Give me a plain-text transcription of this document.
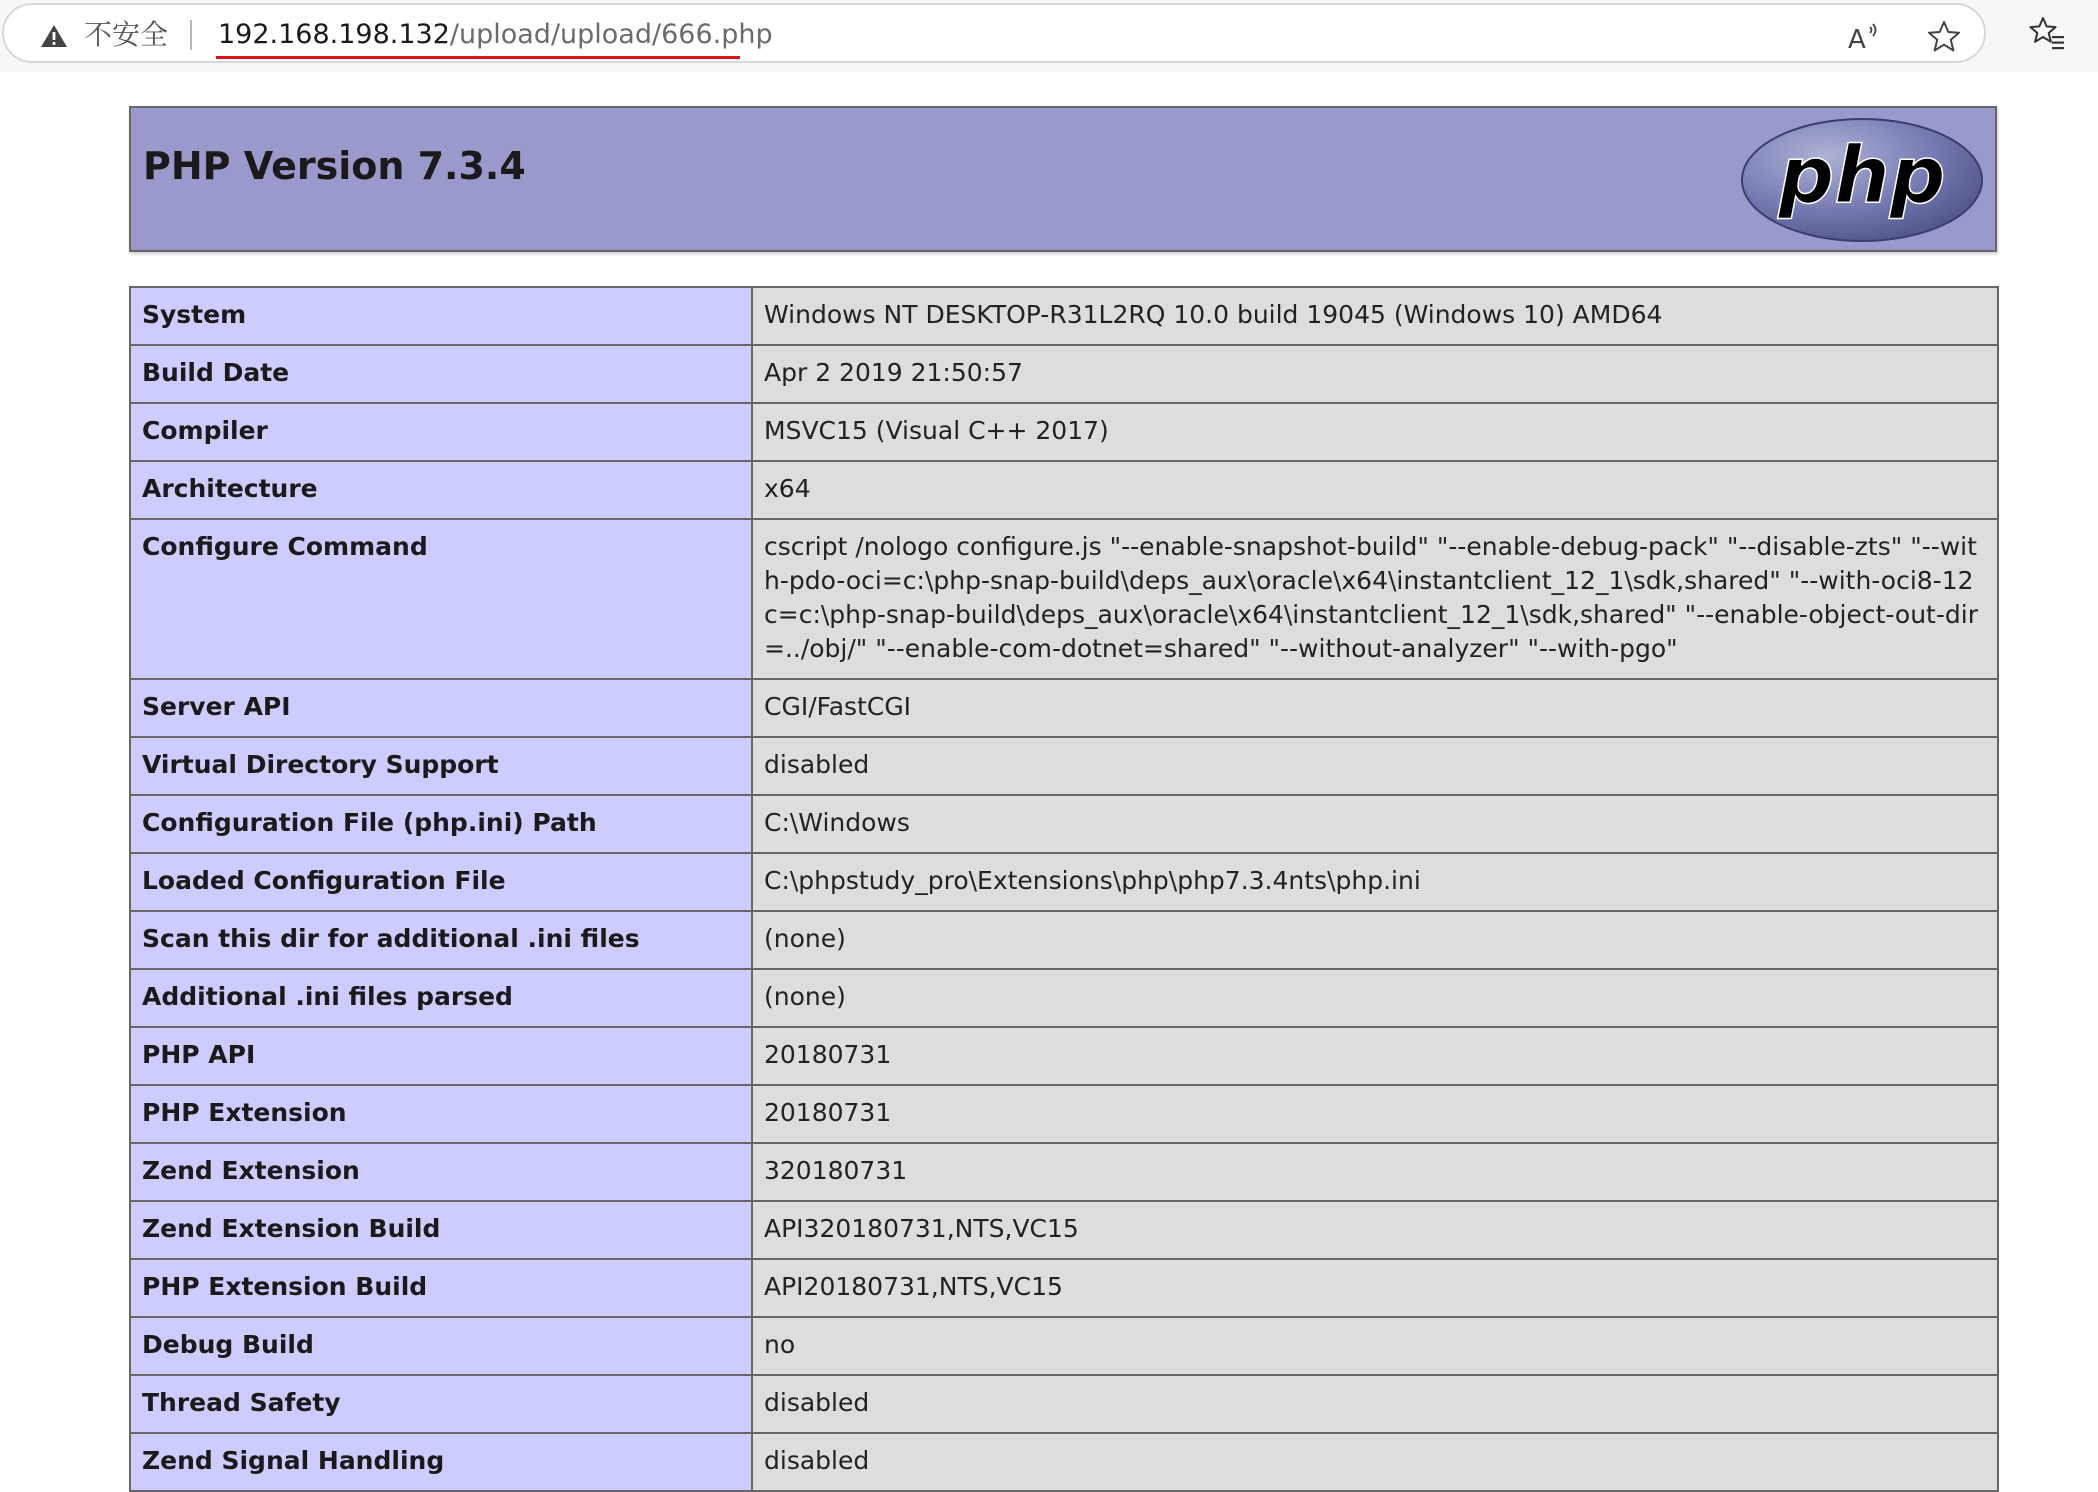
不安全 192.168.198.132/upload/upload/666.php	A
PHP Version 7.3.4	php
System	Windows NT DESKTOP-R31L2RQ 10.0 build 19045 (Windows 10) AMD64
Build Date	Apr 2 2019 21:50:57
Compiler	MSVC15 (Visual C++ 2017)
Architecture	x64
Configure Command	cscript /nologo configure.js "--enable-snapshot-build" "--enable-debug-pack" "--disable-zts" "--with-pdo-oci=c:\php-snap-build\deps_aux\oracle\x64\instantclient_12_1\sdk,shared" "--with-oci8-12c=c:\php-snap-build\deps_aux\oracle\x64\instantclient_12_1\sdk,shared" "--enable-object-out-dir=../obj/" "--enable-com-dotnet=shared" "--without-analyzer" "--with-pgo"
Server API	CGI/FastCGI
Virtual Directory Support	disabled
Configuration File (php.ini) Path	C:\Windows
Loaded Configuration File	C:\phpstudy_pro\Extensions\php\php7.3.4nts\php.ini
Scan this dir for additional .ini files	(none)
Additional .ini files parsed	(none)
PHP API	20180731
PHP Extension	20180731
Zend Extension	320180731
Zend Extension Build	API320180731,NTS,VC15
PHP Extension Build	API20180731,NTS,VC15
Debug Build	no
Thread Safety	disabled
Zend Signal Handling	disabled
